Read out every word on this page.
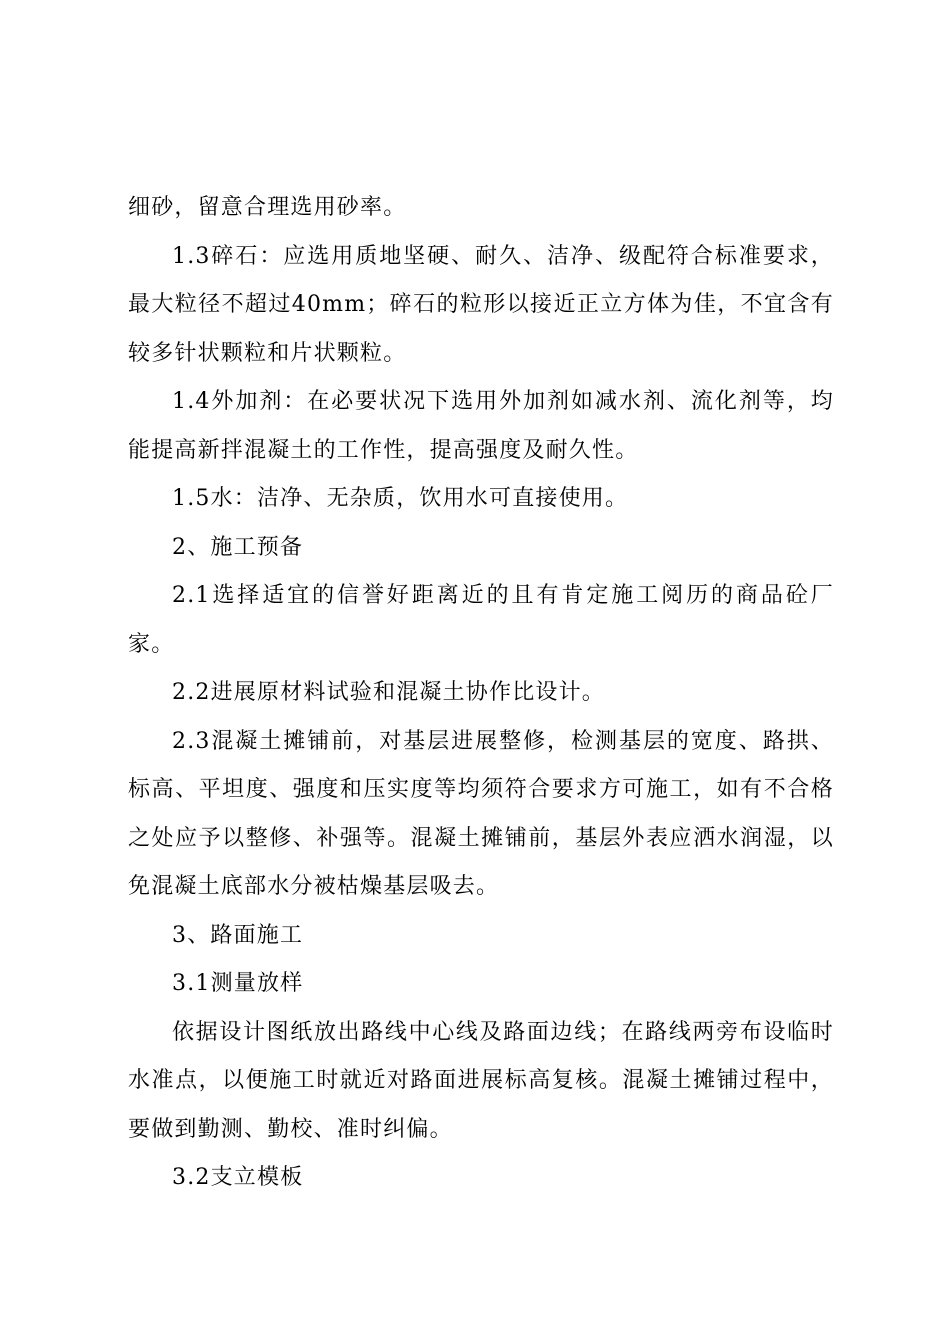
细砂，留意合理选用砂率。

1.3碎石：应选用质地坚硬、耐久、洁净、级配符合标准要求，最大粒径不超过40mm；碎石的粒形以接近正立方体为佳，不宜含有较多针状颗粒和片状颗粒。

1.4外加剂：在必要状况下选用外加剂如减水剂、流化剂等，均能提高新拌混凝土的工作性，提高强度及耐久性。

1.5水：洁净、无杂质，饮用水可直接使用。

2、施工预备

2.1选择适宜的信誉好距离近的且有肯定施工阅历的商品砼厂家。

2.2进展原材料试验和混凝土协作比设计。

2.3混凝土摊铺前，对基层进展整修，检测基层的宽度、路拱、标高、平坦度、强度和压实度等均须符合要求方可施工，如有不合格之处应予以整修、补强等。混凝土摊铺前，基层外表应洒水润湿，以免混凝土底部水分被枯燥基层吸去。

3、路面施工

3.1测量放样

依据设计图纸放出路线中心线及路面边线；在路线两旁布设临时水准点，以便施工时就近对路面进展标高复核。混凝土摊铺过程中，要做到勤测、勤校、准时纠偏。

3.2支立模板
